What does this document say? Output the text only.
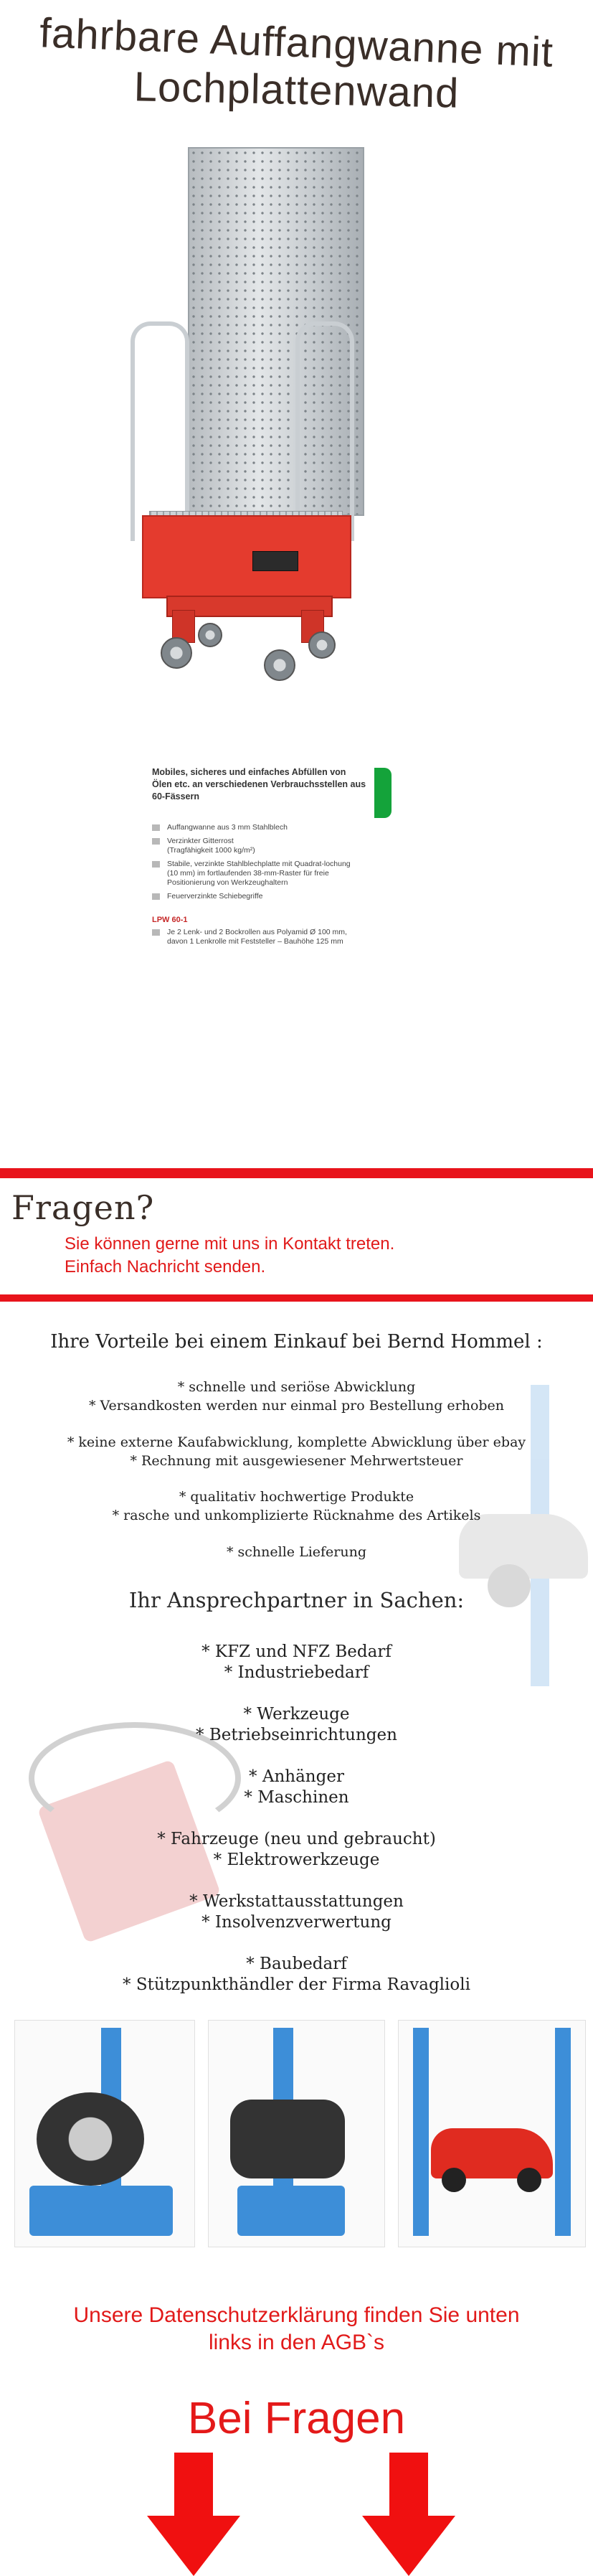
fahrbare Auffangwanne mit
Lochplattenwand
Mobiles, sicheres und einfaches Abfüllen von Ölen etc. an verschiedenen Verbrauchsstellen aus 60-Fässern
Auffangwanne aus 3 mm Stahlblech
Verzinkter Gitterrost (Tragfähigkeit 1000 kg/m²)
Stabile, verzinkte Stahlblechplatte mit Quadrat-lochung (10 mm) im fortlaufenden 38-mm-Raster für freie Positionierung von Werkzeughaltern
Feuerverzinkte Schiebegriffe
LPW 60-1
Je 2 Lenk- und 2 Bockrollen aus Polyamid Ø 100 mm, davon 1 Lenkrolle mit Feststeller – Bauhöhe 125 mm
Fragen?
Sie können gerne mit uns in Kontakt treten.
Einfach Nachricht senden.
Ihre Vorteile bei einem Einkauf bei Bernd Hommel :
* schnelle und seriöse Abwicklung
* Versandkosten werden nur einmal pro Bestellung erhoben
* keine externe Kaufabwicklung, komplette Abwicklung über ebay
* Rechnung mit ausgewiesener Mehrwertsteuer
* qualitativ hochwertige Produkte
* rasche und unkomplizierte Rücknahme des Artikels
* schnelle Lieferung
Ihr Ansprechpartner in Sachen:
* KFZ und NFZ Bedarf
* Industriebedarf
* Werkzeuge
* Betriebseinrichtungen
* Anhänger
* Maschinen
* Fahrzeuge (neu und gebraucht)
* Elektrowerkzeuge
* Werkstattausstattungen
* Insolvenzverwertung
* Baubedarf
* Stützpunkthändler der Firma Ravaglioli
Unsere Datenschutzerklärung finden Sie unten
links in den AGB`s
Bei Fragen
